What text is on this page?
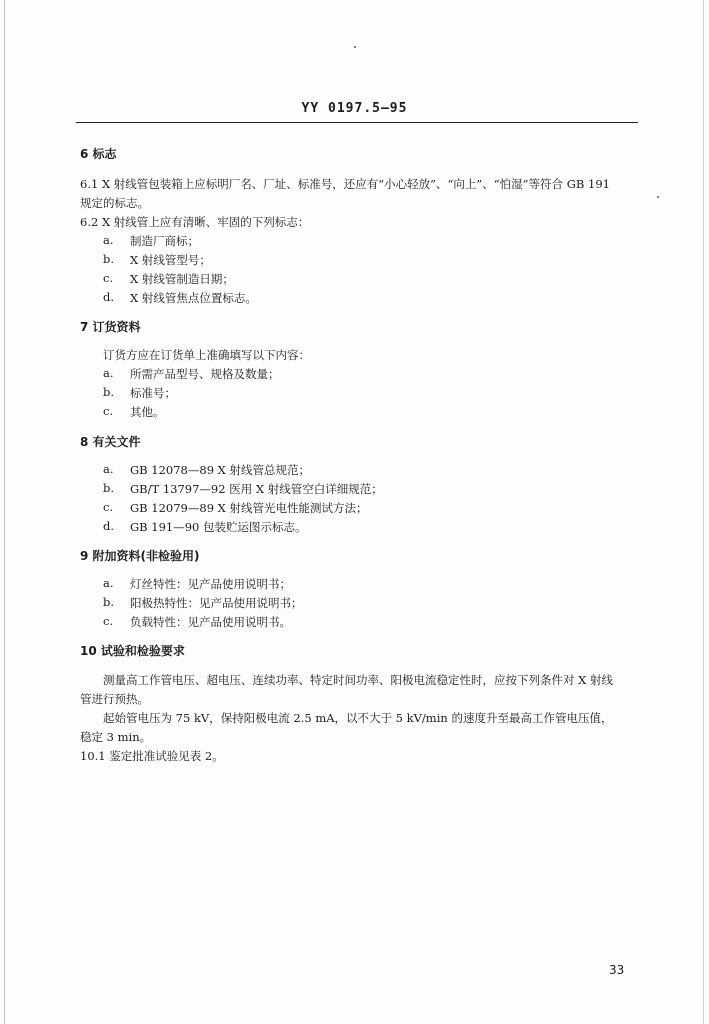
YY 0197.5—95
6 标志
6.1 X 射线管包装箱上应标明厂名、厂址、标准号，还应有“小心轻放”、“向上”、“怕湿”等符合 GB 191
规定的标志。
6.2 X 射线管上应有清晰、牢固的下列标志：
a. 制造厂商标；
b. X 射线管型号；
c. X 射线管制造日期；
d. X 射线管焦点位置标志。
7 订货资料
订货方应在订货单上准确填写以下内容：
a. 所需产品型号、规格及数量；
b. 标准号；
c. 其他。
8 有关文件
a. GB 12078—89 X 射线管总规范；
b. GB/T 13797—92 医用 X 射线管空白详细规范；
c. GB 12079—89 X 射线管光电性能测试方法；
d. GB 191—90 包装贮运图示标志。
9 附加资料(非检验用)
a. 灯丝特性：见产品使用说明书；
b. 阳极热特性：见产品使用说明书；
c. 负载特性：见产品使用说明书。
10 试验和检验要求
测量高工作管电压、超电压、连续功率、特定时间功率、阳极电流稳定性时，应按下列条件对 X 射线
管进行预热。
起始管电压为 75 kV，保持阳极电流 2.5 mA，以不大于 5 kV/min 的速度升至最高工作管电压值，
稳定 3 min。
10.1 鉴定批准试验见表 2。
33
